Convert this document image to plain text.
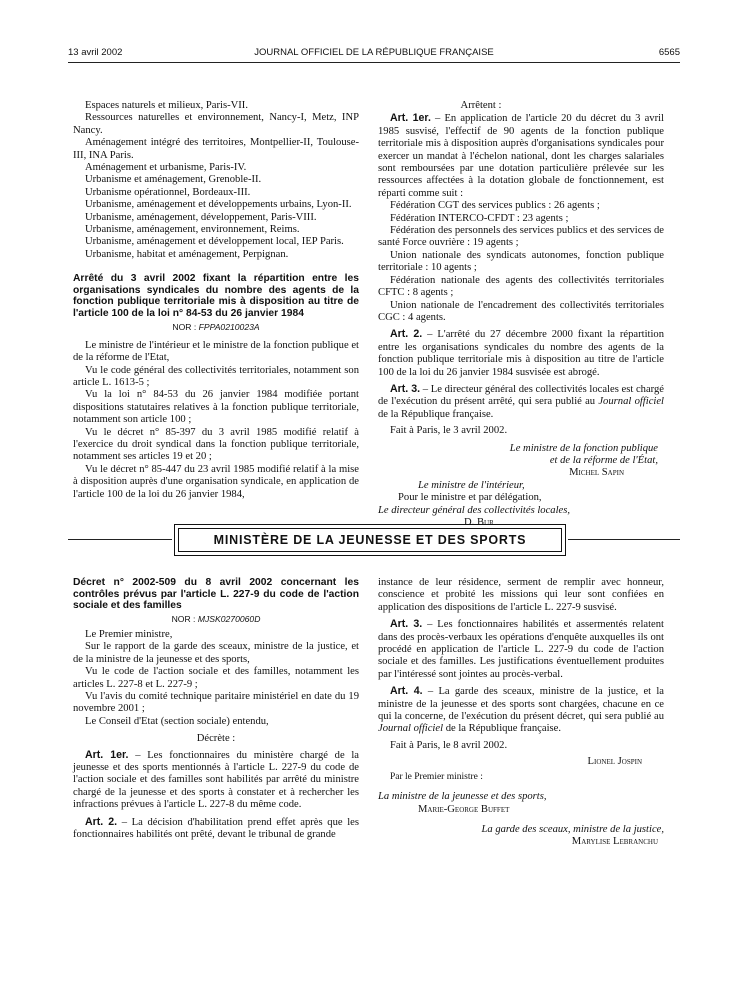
13 avril 2002	JOURNAL OFFICIEL DE LA RÉPUBLIQUE FRANÇAISE	6565

Espaces naturels et milieux, Paris-VII.

Ressources naturelles et environnement, Nancy-I, Metz, INP Nancy.

Aménagement intégré des territoires, Montpellier-II, Toulouse-III, INA Paris.

Aménagement et urbanisme, Paris-IV.

Urbanisme et aménagement, Grenoble-II.

Urbanisme opérationnel, Bordeaux-III.

Urbanisme, aménagement et développements urbains, Lyon-II.

Urbanisme, aménagement, développement, Paris-VIII.

Urbanisme, aménagement, environnement, Reims.

Urbanisme, aménagement et développement local, IEP Paris.

Urbanisme, habitat et aménagement, Perpignan.

Arrêté du 3 avril 2002 fixant la répartition entre les organisations syndicales du nombre des agents de la fonction publique territoriale mis à disposition au titre de l'article 100 de la loi n° 84-53 du 26 janvier 1984

NOR : FPPA0210023A

Le ministre de l'intérieur et le ministre de la fonction publique et de la réforme de l'Etat,

Vu le code général des collectivités territoriales, notamment son article L. 1613-5 ;

Vu la loi n° 84-53 du 26 janvier 1984 modifiée portant dispositions statutaires relatives à la fonction publique territoriale, notamment son article 100 ;

Vu le décret n° 85-397 du 3 avril 1985 modifié relatif à l'exercice du droit syndical dans la fonction publique territoriale, notamment ses articles 19 et 20 ;

Vu le décret n° 85-447 du 23 avril 1985 modifié relatif à la mise à disposition auprès d'une organisation syndicale, en application de l'article 100 de la loi du 26 janvier 1984,

Arrêtent :

Art. 1er. – En application de l'article 20 du décret du 3 avril 1985 susvisé, l'effectif de 90 agents de la fonction publique territoriale mis à disposition auprès d'organisations syndicales pour exercer un mandat à l'échelon national, dont les charges salariales sont remboursées par une dotation particulière prélevée sur les ressources affectées à la dotation globale de fonctionnement, est réparti comme suit :

Fédération CGT des services publics : 26 agents ;

Fédération INTERCO-CFDT : 23 agents ;

Fédération des personnels des services publics et des services de santé Force ouvrière : 19 agents ;

Union nationale des syndicats autonomes, fonction publique territoriale : 10 agents ;

Fédération nationale des agents des collectivités territoriales CFTC : 8 agents ;

Union nationale de l'encadrement des collectivités territoriales CGC : 4 agents.

Art. 2. – L'arrêté du 27 décembre 2000 fixant la répartition entre les organisations syndicales du nombre des agents de la fonction publique territoriale mis à disposition au titre de l'article 100 de la loi du 26 janvier 1984 susvisée est abrogé.

Art. 3. – Le directeur général des collectivités locales est chargé de l'exécution du présent arrêté, qui sera publié au Journal officiel de la République française.

Fait à Paris, le 3 avril 2002.

Le ministre de la fonction publique

et de la réforme de l'État,

Michel Sapin

Le ministre de l'intérieur,

Pour le ministre et par délégation,

Le directeur général des collectivités locales,

D. Bur

MINISTÈRE DE LA JEUNESSE ET DES SPORTS

Décret n° 2002-509 du 8 avril 2002 concernant les contrôles prévus par l'article L. 227-9 du code de l'action sociale et des familles

NOR : MJSK0270060D

Le Premier ministre,

Sur le rapport de la garde des sceaux, ministre de la justice, et de la ministre de la jeunesse et des sports,

Vu le code de l'action sociale et des familles, notamment les articles L. 227-8 et L. 227-9 ;

Vu l'avis du comité technique paritaire ministériel en date du 19 novembre 2001 ;

Le Conseil d'Etat (section sociale) entendu,

Décrète :

Art. 1er. – Les fonctionnaires du ministère chargé de la jeunesse et des sports mentionnés à l'article L. 227-9 du code de l'action sociale et des familles sont habilités par arrêté du ministre chargé de la jeunesse et des sports à constater et à rechercher les infractions prévues à l'article L. 227-8 du même code.

Art. 2. – La décision d'habilitation prend effet après que les fonctionnaires habilités ont prêté, devant le tribunal de grande

instance de leur résidence, serment de remplir avec honneur, conscience et probité les missions qui leur sont confiées en application des dispositions de l'article L. 227-9 susvisé.

Art. 3. – Les fonctionnaires habilités et assermentés relatent dans des procès-verbaux les opérations d'enquête auxquelles ils ont procédé en application de l'article L. 227-9 du code de l'action sociale et des familles. Les justifications éventuellement produites par l'intéressé sont jointes au procès-verbal.

Art. 4. – La garde des sceaux, ministre de la justice, et la ministre de la jeunesse et des sports sont chargées, chacune en ce qui la concerne, de l'exécution du présent décret, qui sera publié au Journal officiel de la République française.

Fait à Paris, le 8 avril 2002.

Lionel Jospin

Par le Premier ministre :

La ministre de la jeunesse et des sports,

Marie-George Buffet

La garde des sceaux, ministre de la justice,

Marylise Lebranchu
